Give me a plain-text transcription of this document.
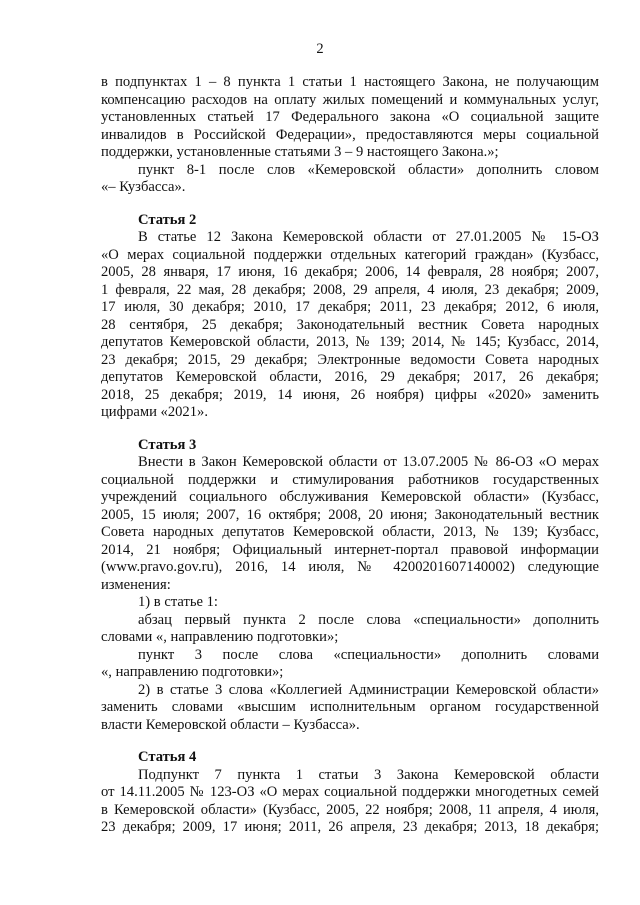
2
в подпунктах 1 – 8 пункта 1 статьи 1 настоящего Закона, не получающим
компенсацию расходов на оплату жилых помещений и коммунальных услуг,
установленных статьей 17 Федерального закона «О социальной защите
инвалидов в Российской Федерации», предоставляются меры социальной
поддержки, установленные статьями 3 – 9 настоящего Закона.»;
пункт 8-1 после слов «Кемеровской области» дополнить словом
«– Кузбасса».
Статья 2
В статье 12 Закона Кемеровской области от 27.01.2005 № 15-ОЗ
«О мерах социальной поддержки отдельных категорий граждан» (Кузбасс,
2005, 28 января, 17 июня, 16 декабря; 2006, 14 февраля, 28 ноября; 2007,
1 февраля, 22 мая, 28 декабря; 2008, 29 апреля, 4 июля, 23 декабря; 2009,
17 июля, 30 декабря; 2010, 17 декабря; 2011, 23 декабря; 2012, 6 июля,
28 сентября, 25 декабря; Законодательный вестник Совета народных
депутатов Кемеровской области, 2013, № 139; 2014, № 145; Кузбасс, 2014,
23 декабря; 2015, 29 декабря; Электронные ведомости Совета народных
депутатов Кемеровской области, 2016, 29 декабря; 2017, 26 декабря;
2018, 25 декабря; 2019, 14 июня, 26 ноября) цифры «2020» заменить
цифрами «2021».
Статья 3
Внести в Закон Кемеровской области от 13.07.2005 № 86-ОЗ «О мерах
социальной поддержки и стимулирования работников государственных
учреждений социального обслуживания Кемеровской области» (Кузбасс,
2005, 15 июля; 2007, 16 октября; 2008, 20 июня; Законодательный вестник
Совета народных депутатов Кемеровской области, 2013, № 139; Кузбасс,
2014, 21 ноября; Официальный интернет-портал правовой информации
(www.pravo.gov.ru), 2016, 14 июля, № 4200201607140002) следующие
изменения:
1) в статье 1:
абзац первый пункта 2 после слова «специальности» дополнить
словами «, направлению подготовки»;
пункт 3 после слова «специальности» дополнить словами
«, направлению подготовки»;
2) в статье 3 слова «Коллегией Администрации Кемеровской области»
заменить словами «высшим исполнительным органом государственной
власти Кемеровской области – Кузбасса».
Статья 4
Подпункт 7 пункта 1 статьи 3 Закона Кемеровской области
от 14.11.2005 № 123-ОЗ «О мерах социальной поддержки многодетных семей
в Кемеровской области» (Кузбасс, 2005, 22 ноября; 2008, 11 апреля, 4 июля,
23 декабря; 2009, 17 июня; 2011, 26 апреля, 23 декабря; 2013, 18 декабря;
